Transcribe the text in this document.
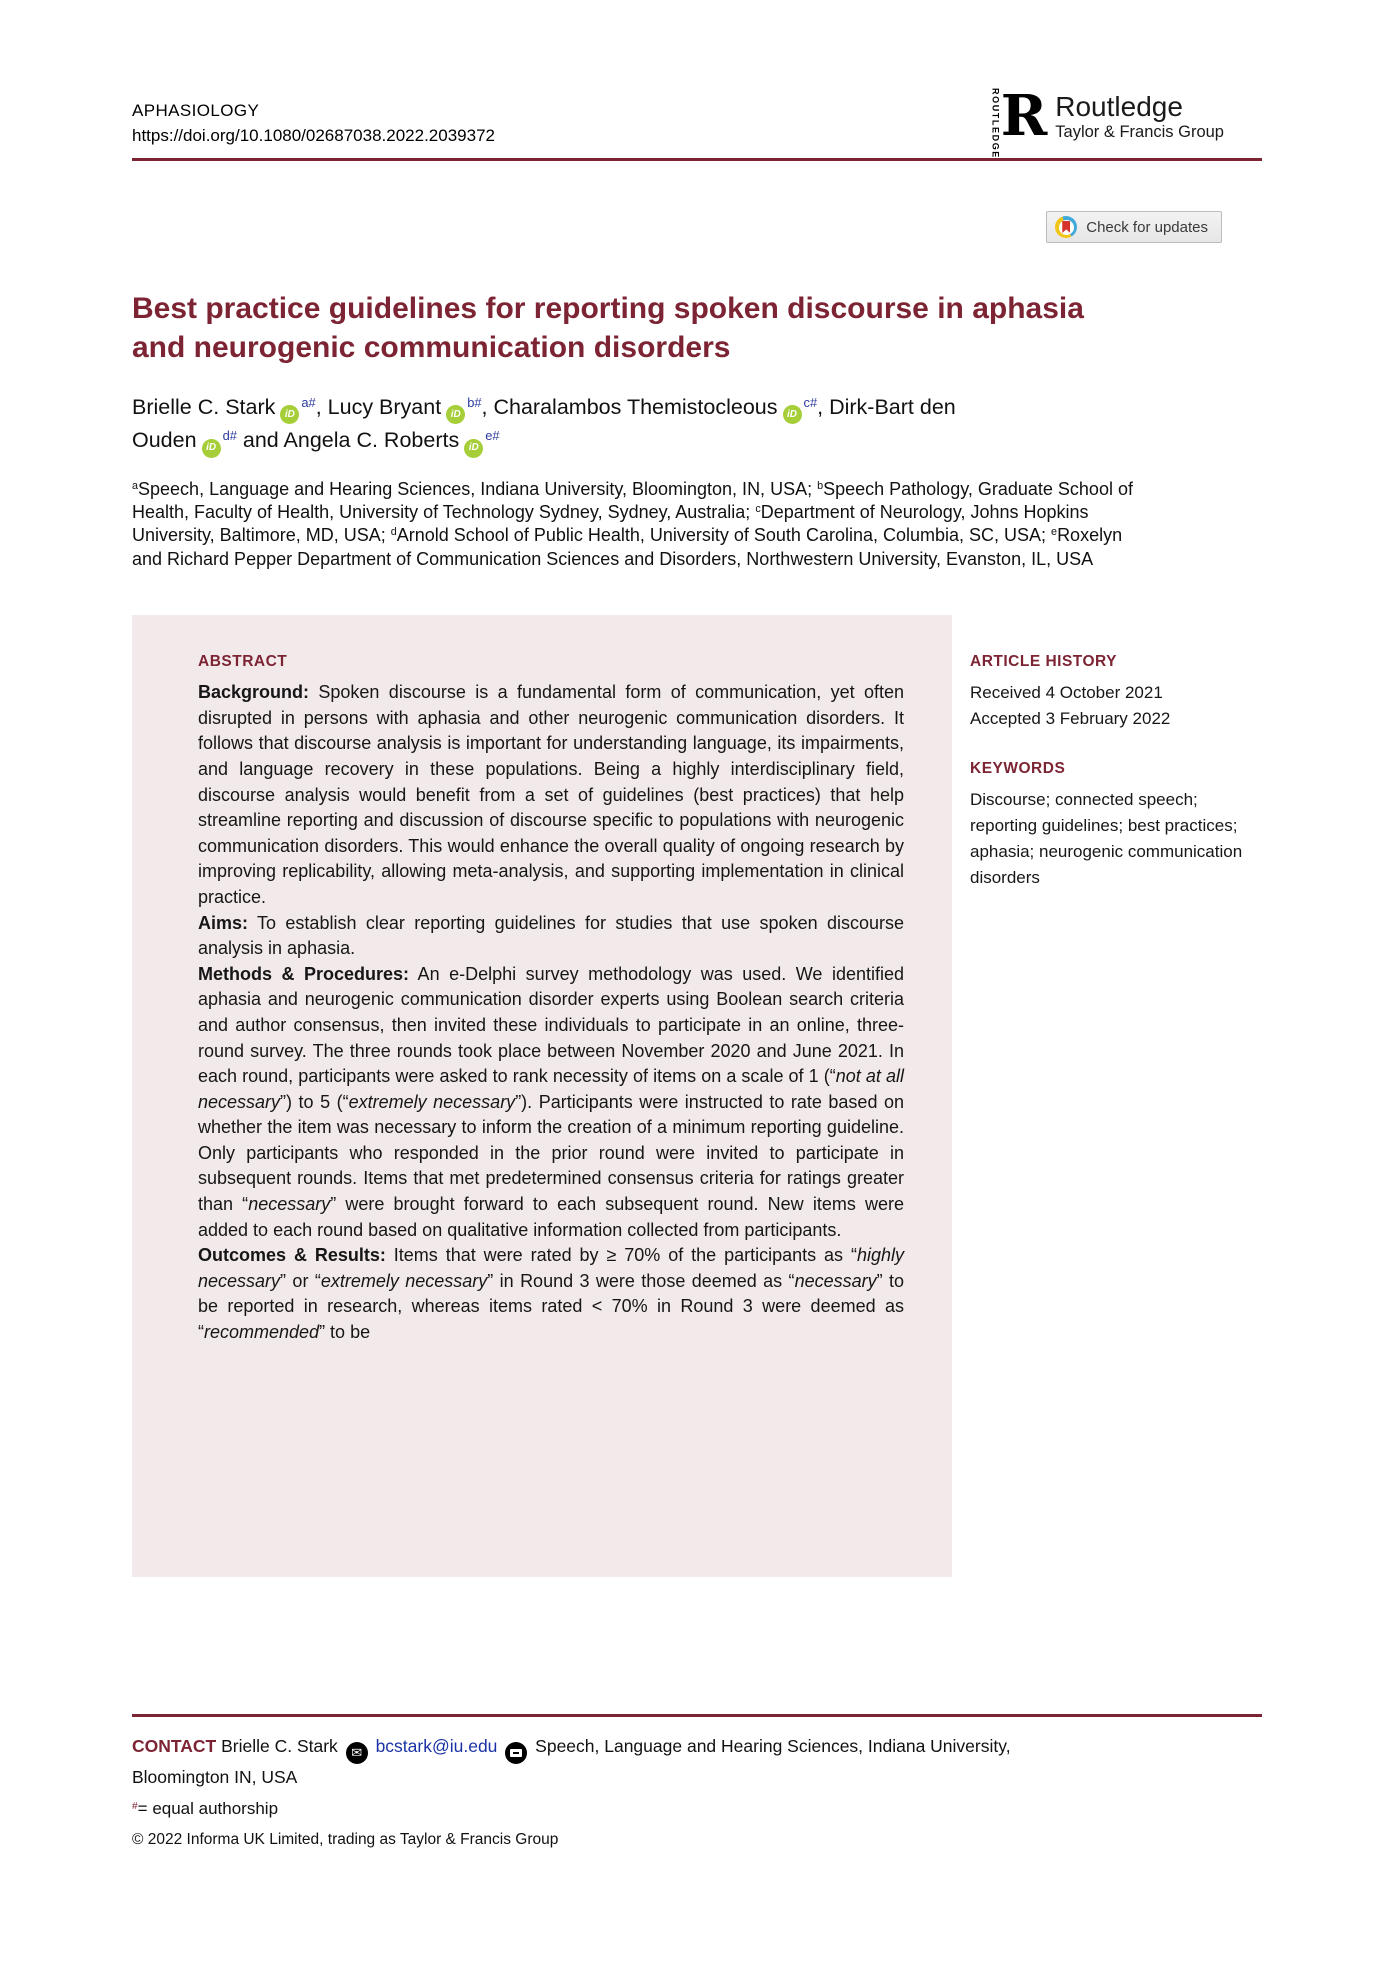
APHASIOLOGY
https://doi.org/10.1080/02687038.2022.2039372	ROUTLEDGE R Routledge
Taylor & Francis Group
Check for updates
Best practice guidelines for reporting spoken discourse in aphasia and neurogenic communication disorders
Brielle C. Stark $iD^{a\#}$, Lucy Bryant $iD^{b\#}$, Charalambos Themistocleous $iD^{c\#}$, Dirk-Bart den Ouden $iD^{d\#}$ and Angela C. Roberts $iD^{e\#}$
$^a$Speech, Language and Hearing Sciences, Indiana University, Bloomington, IN, USA; $^b$Speech Pathology, Graduate School of Health, Faculty of Health, University of Technology Sydney, Sydney, Australia; $^c$Department of Neurology, Johns Hopkins University, Baltimore, MD, USA; $^d$Arnold School of Public Health, University of South Carolina, Columbia, SC, USA; $^e$Roxelyn and Richard Pepper Department of Communication Sciences and Disorders, Northwestern University, Evanston, IL, USA
ABSTRACT

Background: Spoken discourse is a fundamental form of communication, yet often disrupted in persons with aphasia and other neurogenic communication disorders. It follows that discourse analysis is important for understanding language, its impairments, and language recovery in these populations. Being a highly interdisciplinary field, discourse analysis would benefit from a set of guidelines (best practices) that help streamline reporting and discussion of discourse specific to populations with neurogenic communication disorders. This would enhance the overall quality of ongoing research by improving replicability, allowing meta-analysis, and supporting implementation in clinical practice.

Aims: To establish clear reporting guidelines for studies that use spoken discourse analysis in aphasia.

Methods & Procedures: An e-Delphi survey methodology was used. We identified aphasia and neurogenic communication disorder experts using Boolean search criteria and author consensus, then invited these individuals to participate in an online, three-round survey. The three rounds took place between November 2020 and June 2021. In each round, participants were asked to rank necessity of items on a scale of 1 (“not at all necessary”) to 5 (“extremely necessary”). Participants were instructed to rate based on whether the item was necessary to inform the creation of a minimum reporting guideline. Only participants who responded in the prior round were invited to participate in subsequent rounds. Items that met predetermined consensus criteria for ratings greater than “necessary” were brought forward to each subsequent round. New items were added to each round based on qualitative information collected from participants.

Outcomes & Results: Items that were rated by ≥ 70% of the participants as “highly necessary” or “extremely necessary” in Round 3 were those deemed as “necessary” to be reported in research, whereas items rated < 70% in Round 3 were deemed as “recommended” to be

ARTICLE HISTORY
Received 4 October 2021
Accepted 3 February 2022
KEYWORDS
Discourse; connected speech; reporting guidelines; best practices; aphasia; neurogenic communication disorders
CONTACT Brielle C. Stark ✉ bcstark@iu.edu  Speech, Language and Hearing Sciences, Indiana University, Bloomington IN, USA
#= equal authorship
© 2022 Informa UK Limited, trading as Taylor & Francis Group
